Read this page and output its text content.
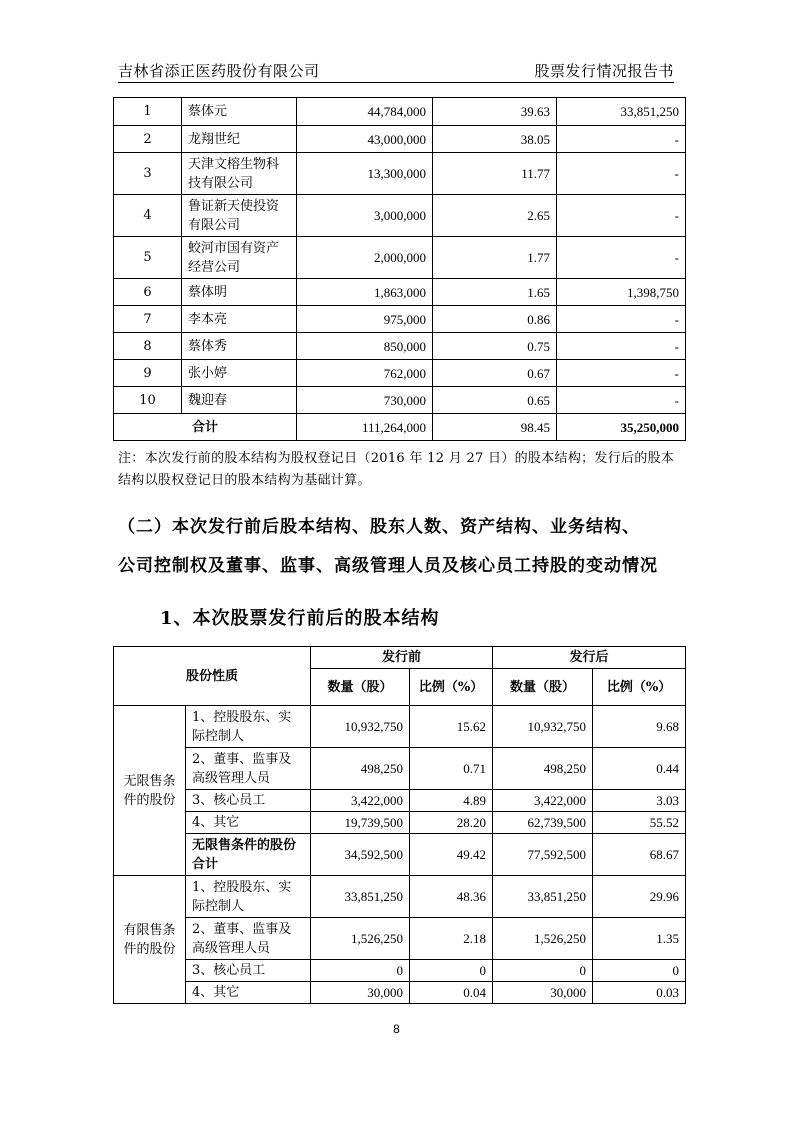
吉林省添正医药股份有限公司	股票发行情况报告书
1	蔡体元	44,784,000	39.63	33,851,250
2	龙翔世纪	43,000,000	38.05	-
3	天津文榕生物科技有限公司	13,300,000	11.77	-
4	鲁证新天使投资有限公司	3,000,000	2.65	-
5	蛟河市国有资产经营公司	2,000,000	1.77	-
6	蔡体明	1,863,000	1.65	1,398,750
7	李本亮	975,000	0.86	-
8	蔡体秀	850,000	0.75	-
9	张小婷	762,000	0.67	-
10	魏迎春	730,000	0.65	-
合计		111,264,000	98.45	35,250,000
注：本次发行前的股本结构为股权登记日（2016 年 12 月 27 日）的股本结构；发行后的股本结构以股权登记日的股本结构为基础计算。
（二）本次发行前后股本结构、股东人数、资产结构、业务结构、
公司控制权及董事、监事、高级管理人员及核心员工持股的变动情况
1、本次股票发行前后的股本结构
股份性质		发行前		发行后	
		数量（股）	比例（%）	数量（股）	比例（%）
无限售条件的股份	1、控股股东、实际控制人	10,932,750	15.62	10,932,750	9.68
	2、董事、监事及高级管理人员	498,250	0.71	498,250	0.44
	3、核心员工	3,422,000	4.89	3,422,000	3.03
	4、其它	19,739,500	28.20	62,739,500	55.52
	无限售条件的股份合计	34,592,500	49.42	77,592,500	68.67
有限售条件的股份	1、控股股东、实际控制人	33,851,250	48.36	33,851,250	29.96
	2、董事、监事及高级管理人员	1,526,250	2.18	1,526,250	1.35
	3、核心员工	0	0	0	0
	4、其它	30,000	0.04	30,000	0.03
8
